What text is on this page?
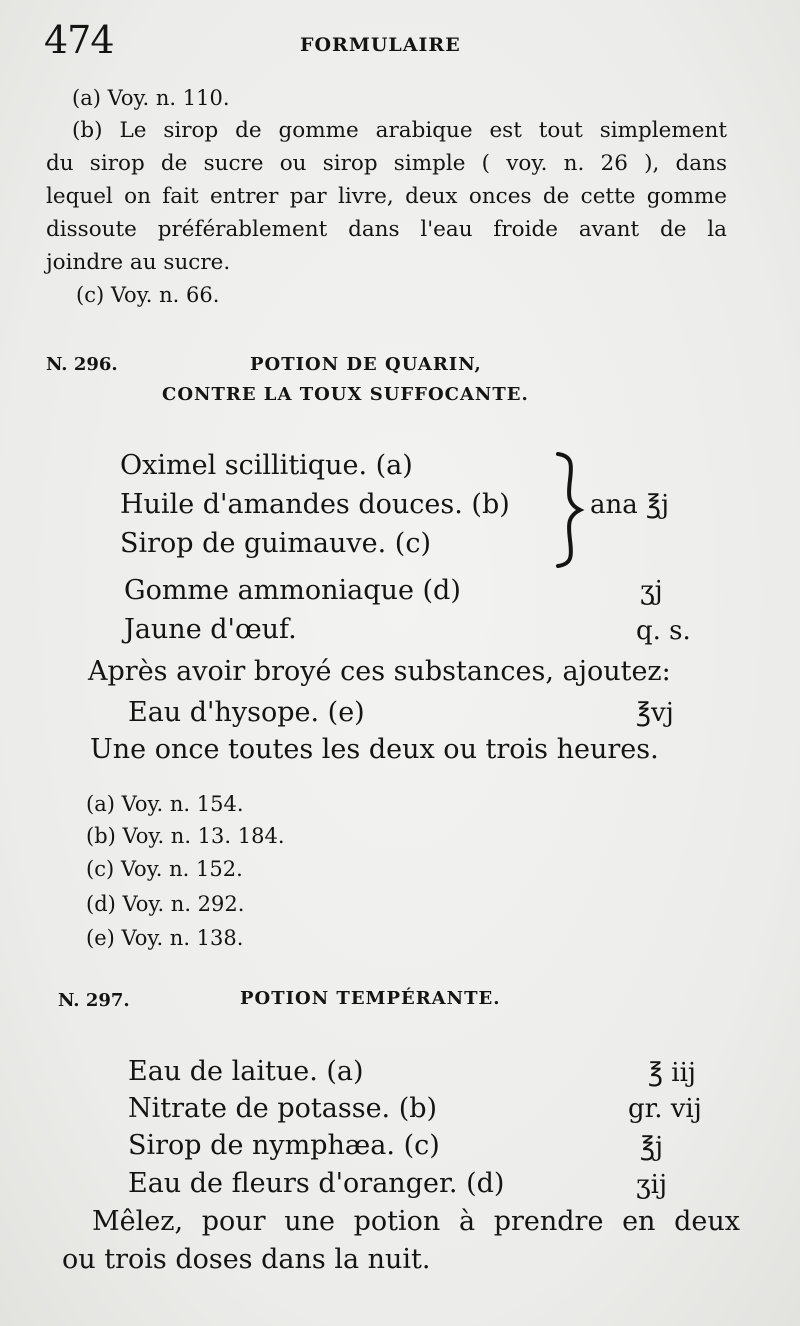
474	FORMULAIRE
(a) Voy. n. 110.
(b) Le sirop de gomme arabique est tout simplement
du sirop de sucre ou sirop simple ( voy. n. 26 ), dans
lequel on fait entrer par livre, deux onces de cette gomme
dissoute préférablement dans l'eau froide avant de la
joindre au sucre.
(c) Voy. n. 66.
N. 296.	POTION DE QUARIN,
CONTRE LA TOUX SUFFOCANTE.
Oximel scillitique. (a)
Huile d'amandes douces. (b)
Sirop de guimauve. (c)
ana ℥j
Gomme ammoniaque (d)	ʒj
Jaune d'œuf.	q. s.
Après avoir broyé ces substances, ajoutez:
Eau d'hysope. (e)	℥vj
Une once toutes les deux ou trois heures.
(a) Voy. n. 154.
(b) Voy. n. 13. 184.
(c) Voy. n. 152.
(d) Voy. n. 292.
(e) Voy. n. 138.
N. 297.	POTION TEMPÉRANTE.
Eau de laitue. (a)	℥ iij
Nitrate de potasse. (b)	gr. vij
Sirop de nymphæa. (c)	℥j
Eau de fleurs d'oranger. (d)	ʒij
Mêlez, pour une potion à prendre en deux
ou trois doses dans la nuit.
